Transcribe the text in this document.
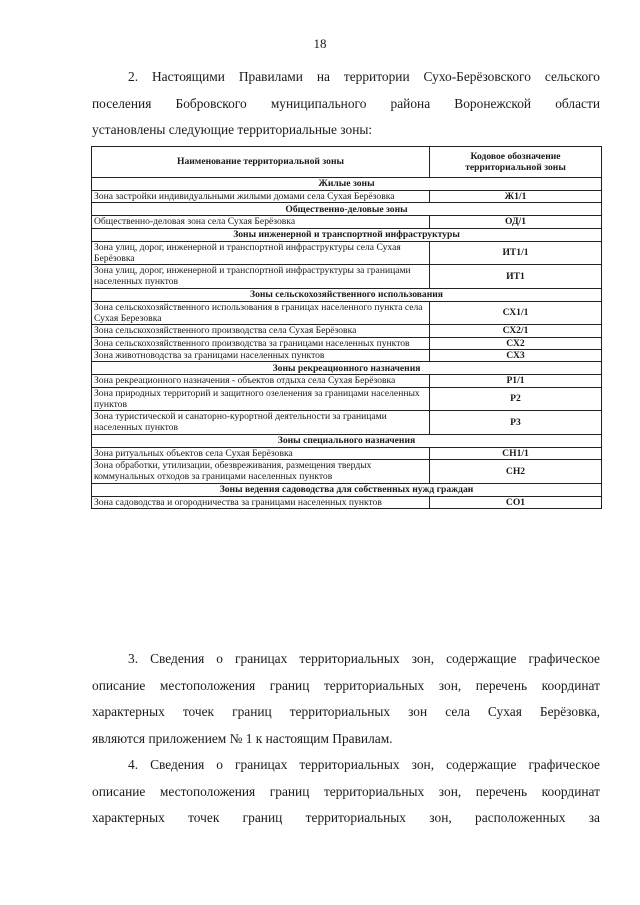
18

2. Настоящими Правилами на территории Сухо-Берёзовского сельского
поселения Бобровского муниципального района Воронежской области
установлены следующие территориальные зоны:

Наименование территориальной зоны	Кодовое обозначение территориальной зоны
Жилые зоны	
Зона застройки индивидуальными жилыми домами села Сухая Берёзовка	Ж1/1
Общественно-деловые зоны	
Общественно-деловая зона села Сухая Берёзовка	ОД/1
Зоны инженерной и транспортной инфраструктуры	
Зона улиц, дорог, инженерной и транспортной инфраструктуры села Сухая Берёзовка	ИТ1/1
Зона улиц, дорог, инженерной и транспортной инфраструктуры за границами населенных пунктов	ИТ1
Зоны сельскохозяйственного использования	
Зона сельскохозяйственного использования в границах населенного пункта села Сухая Березовка	СХ1/1
Зона сельскохозяйственного производства села Сухая Берёзовка	СХ2/1
Зона сельскохозяйственного производства за границами населенных пунктов	СХ2
Зона животноводства за границами населенных пунктов	СХ3
Зоны рекреационного назначения	
Зона рекреационного назначения - объектов отдыха села Сухая Берёзовка	Р1/1
Зона природных территорий и защитного озеленения за границами населенных пунктов	Р2
Зона туристической и санаторно-курортной деятельности за границами населенных пунктов	Р3
Зоны специального назначения	
Зона ритуальных объектов села Сухая Берёзовка	СН1/1
Зона обработки, утилизации, обезвреживания, размещения твердых коммунальных отходов за границами населенных пунктов	СН2
Зоны ведения садоводства для собственных нужд граждан	
Зона садоводства и огородничества за границами населенных пунктов	СО1

3. Сведения о границах территориальных зон, содержащие графическое
описание местоположения границ территориальных зон, перечень координат
характерных точек границ территориальных зон села Сухая Берёзовка,
являются приложением № 1 к настоящим Правилам.

4. Сведения о границах территориальных зон, содержащие графическое
описание местоположения границ территориальных зон, перечень координат
характерных точек границ территориальных зон, расположенных за
